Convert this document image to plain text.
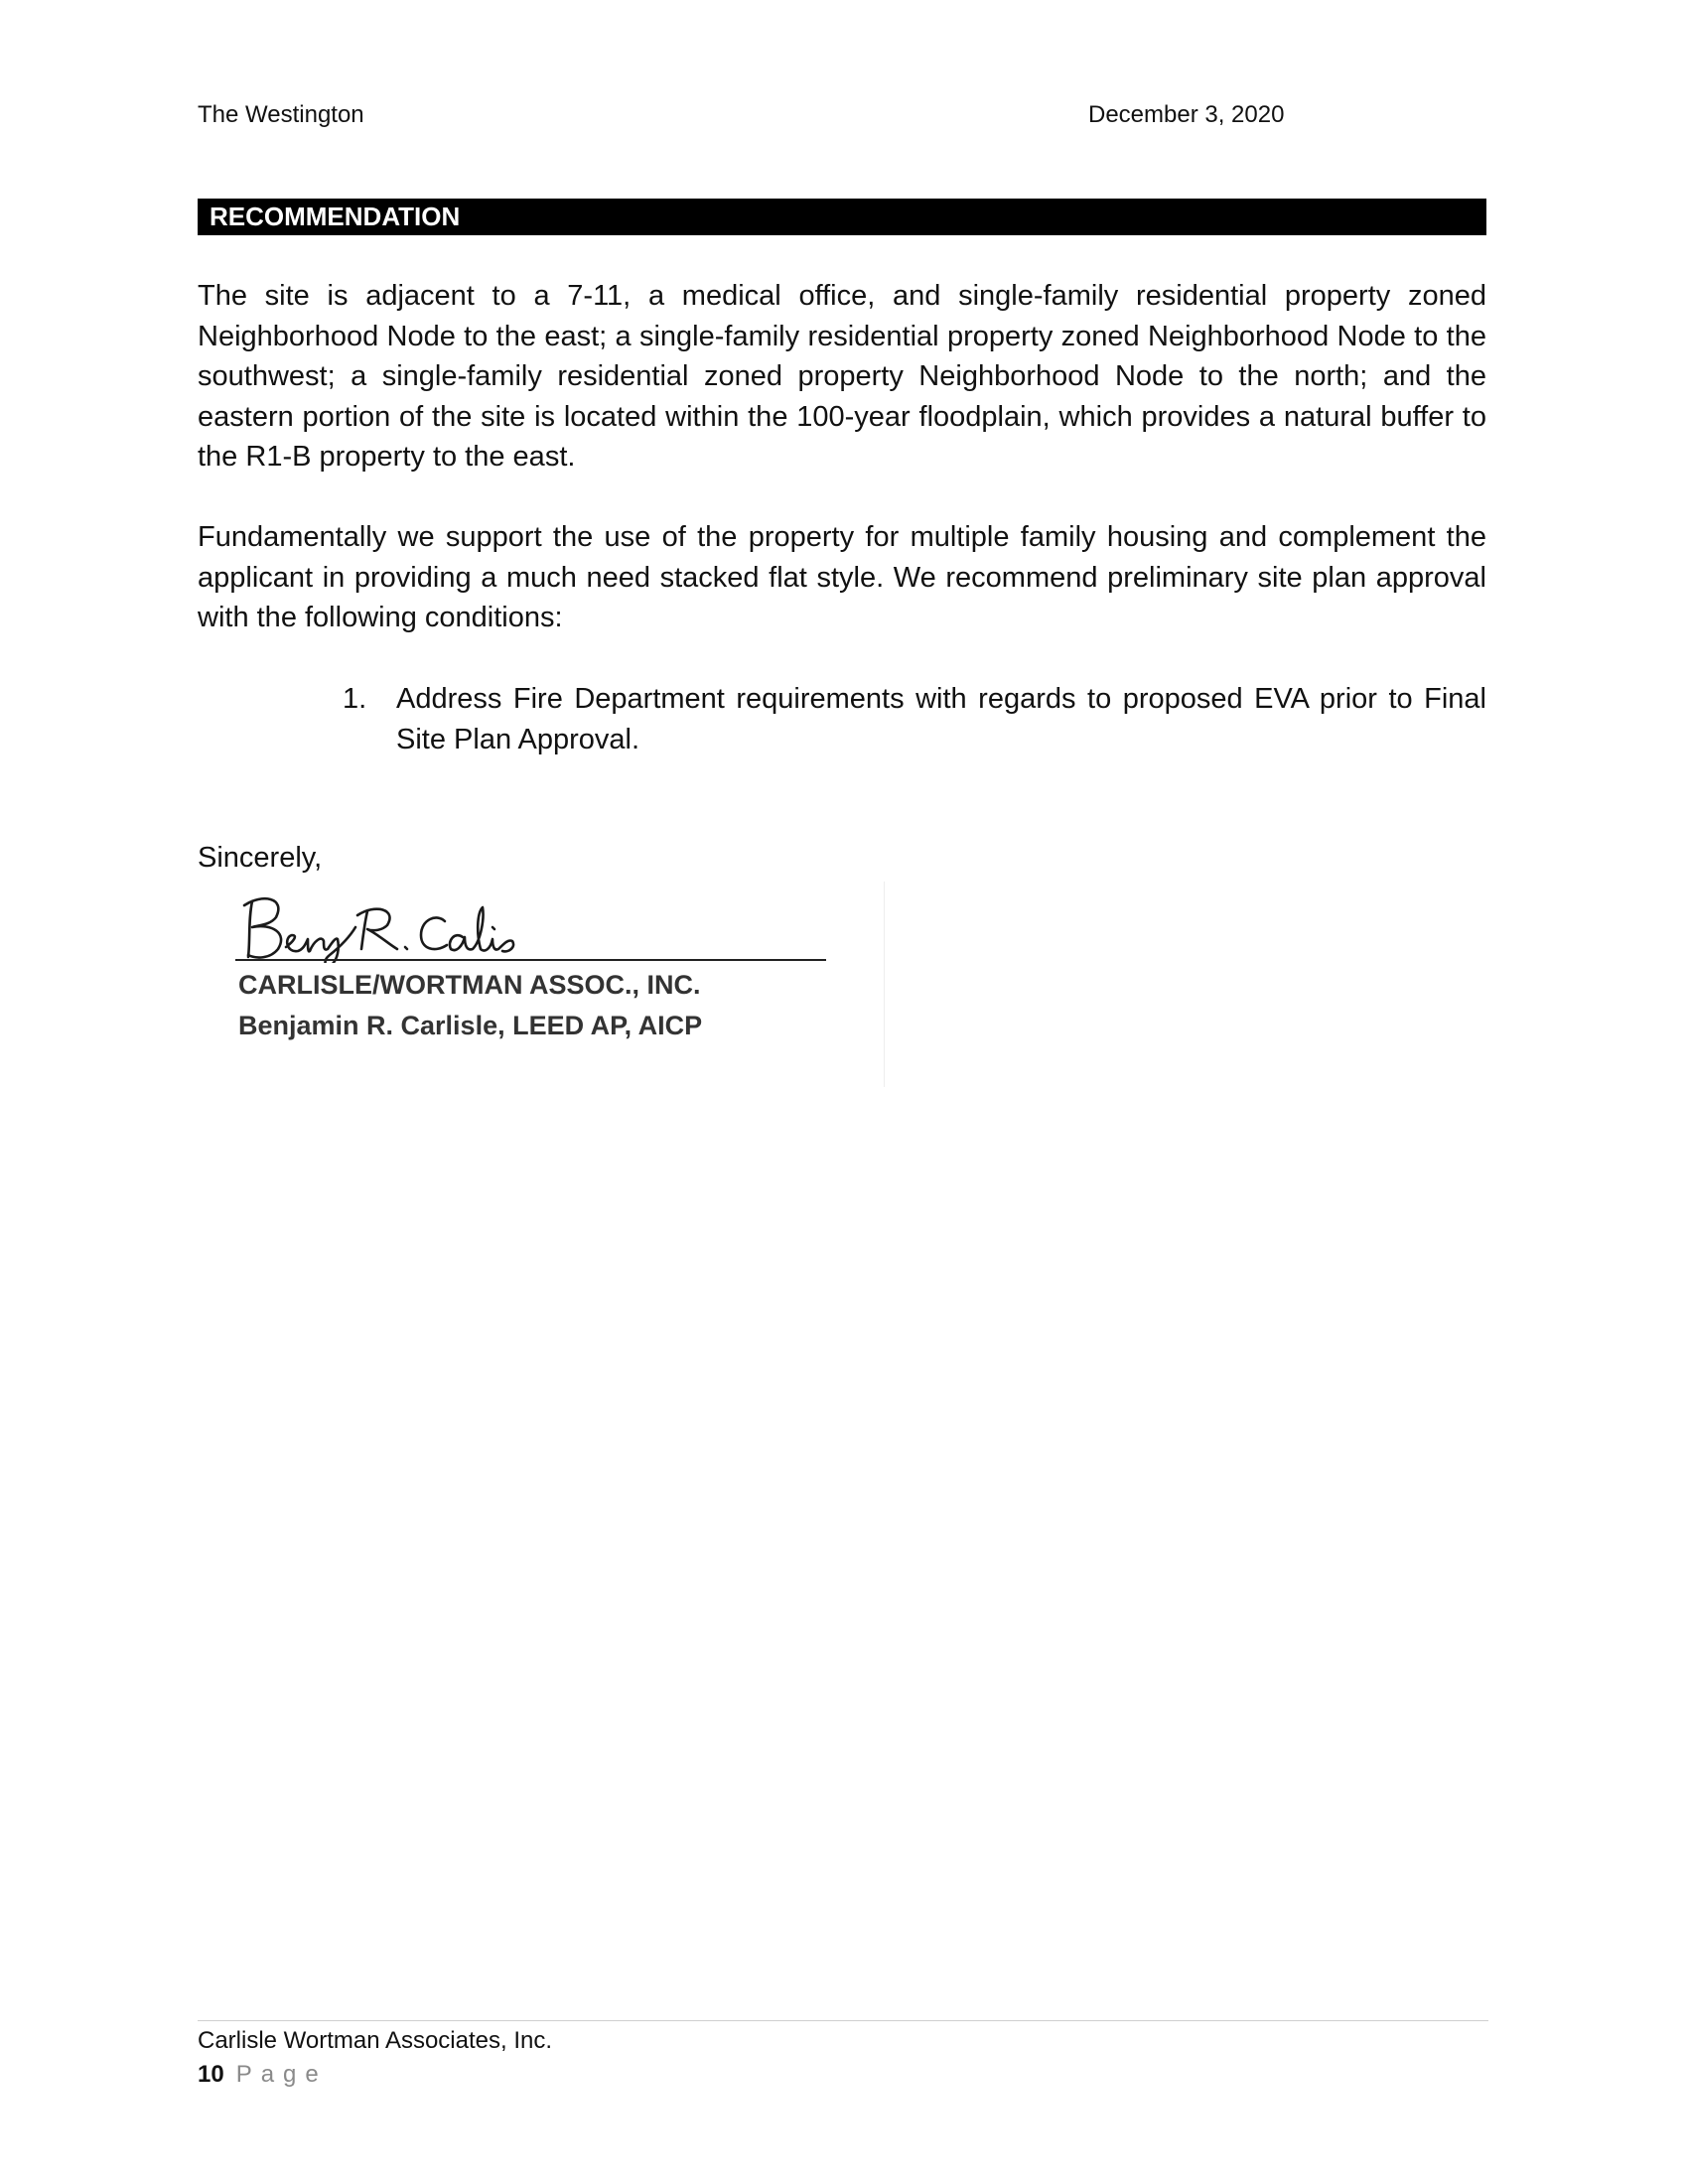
The Westington	December 3, 2020
RECOMMENDATION

The site is adjacent to a 7-11, a medical office, and single-family residential property zoned Neighborhood Node to the east; a single-family residential property zoned Neighborhood Node to the southwest; a single-family residential zoned property Neighborhood Node to the north; and the eastern portion of the site is located within the 100-year floodplain, which provides a natural buffer to the R1-B property to the east.

Fundamentally we support the use of the property for multiple family housing and complement the applicant in providing a much need stacked flat style. We recommend preliminary site plan approval with the following conditions:

1. Address Fire Department requirements with regards to proposed EVA prior to Final Site Plan Approval.
Sincerely,
CARLISLE/WORTMAN ASSOC., INC.
Benjamin R. Carlisle, LEED AP, AICP
Carlisle Wortman Associates, Inc.
10 Page
